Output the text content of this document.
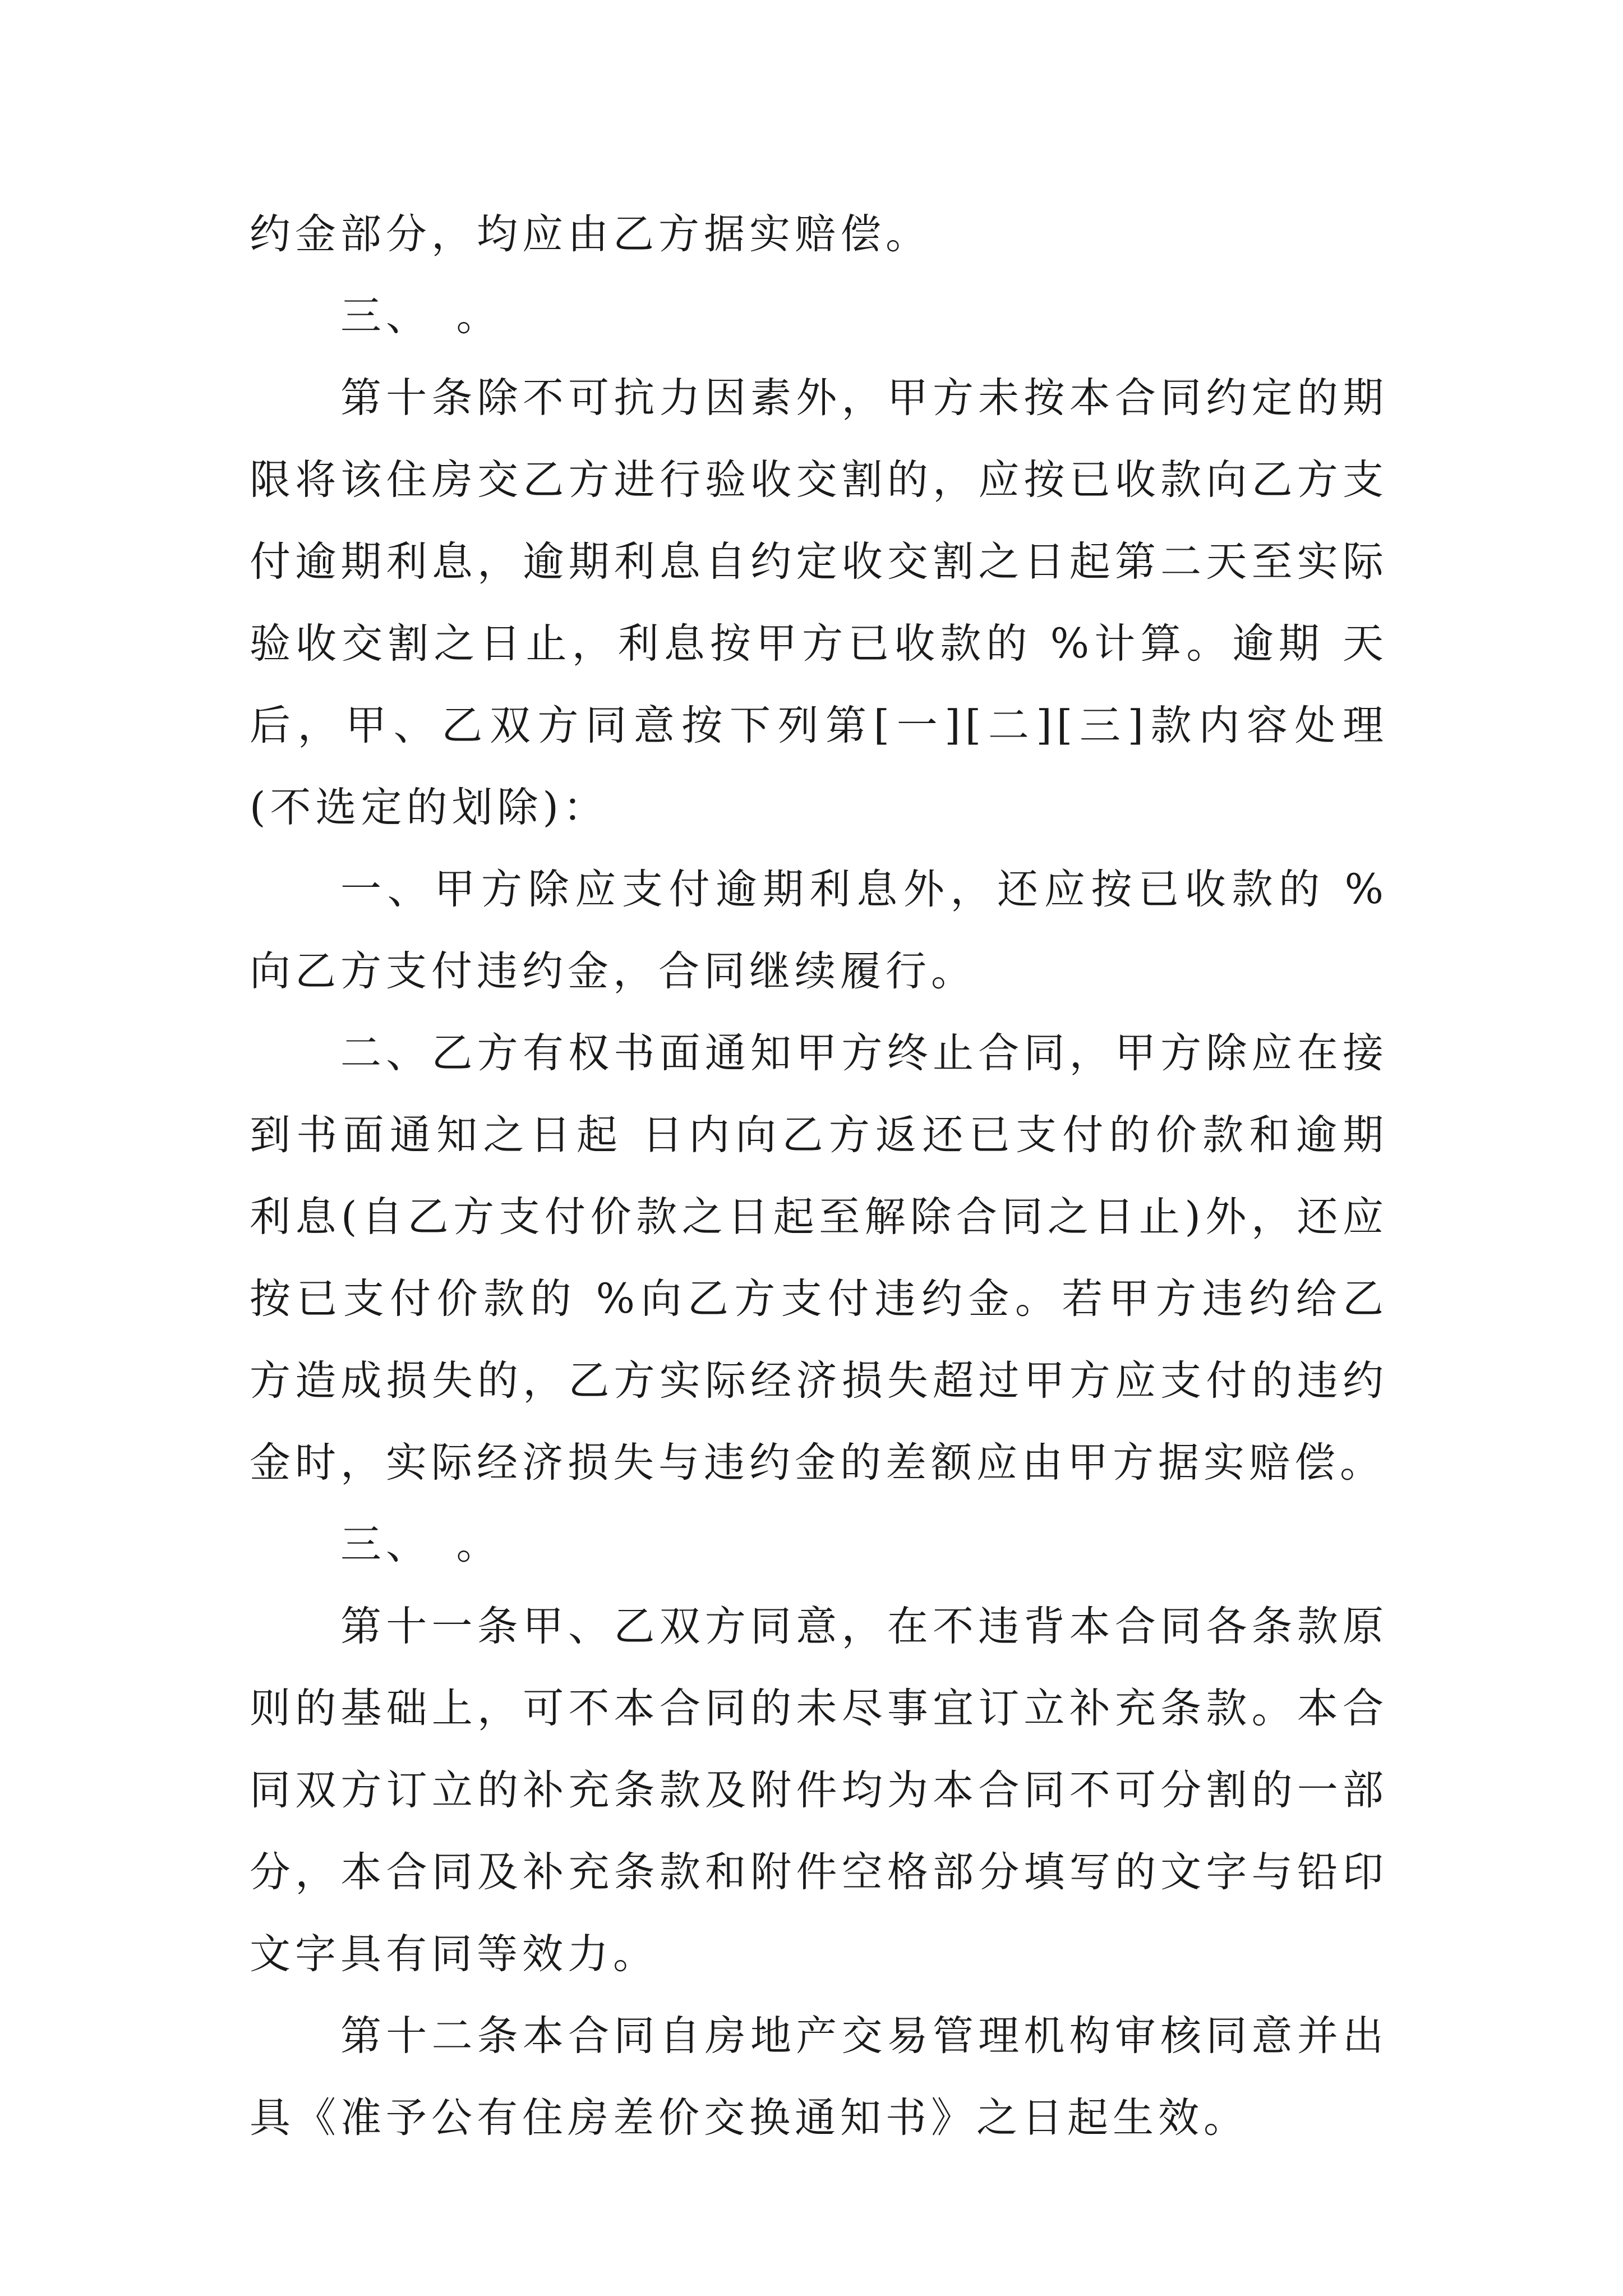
约金部分，均应由乙方据实赔偿。

三、　。

第十条除不可抗力因素外，甲方未按本合同约定的期限将该住房交乙方进行验收交割的，应按已收款向乙方支付逾期利息，逾期利息自约定收交割之日起第二天至实际验收交割之日止，利息按甲方已收款的 %计算。逾期 天后，甲、乙双方同意按下列第[一][二][三]款内容处理(不选定的划除)：

一、甲方除应支付逾期利息外，还应按已收款的 %向乙方支付违约金，合同继续履行。

二、乙方有权书面通知甲方终止合同，甲方除应在接到书面通知之日起 日内向乙方返还已支付的价款和逾期利息(自乙方支付价款之日起至解除合同之日止)外，还应按已支付价款的 %向乙方支付违约金。若甲方违约给乙方造成损失的，乙方实际经济损失超过甲方应支付的违约金时，实际经济损失与违约金的差额应由甲方据实赔偿。

三、　。

第十一条甲、乙双方同意，在不违背本合同各条款原则的基础上，可不本合同的未尽事宜订立补充条款。本合同双方订立的补充条款及附件均为本合同不可分割的一部分，本合同及补充条款和附件空格部分填写的文字与铅印文字具有同等效力。

第十二条本合同自房地产交易管理机构审核同意并出具《准予公有住房差价交换通知书》之日起生效。
